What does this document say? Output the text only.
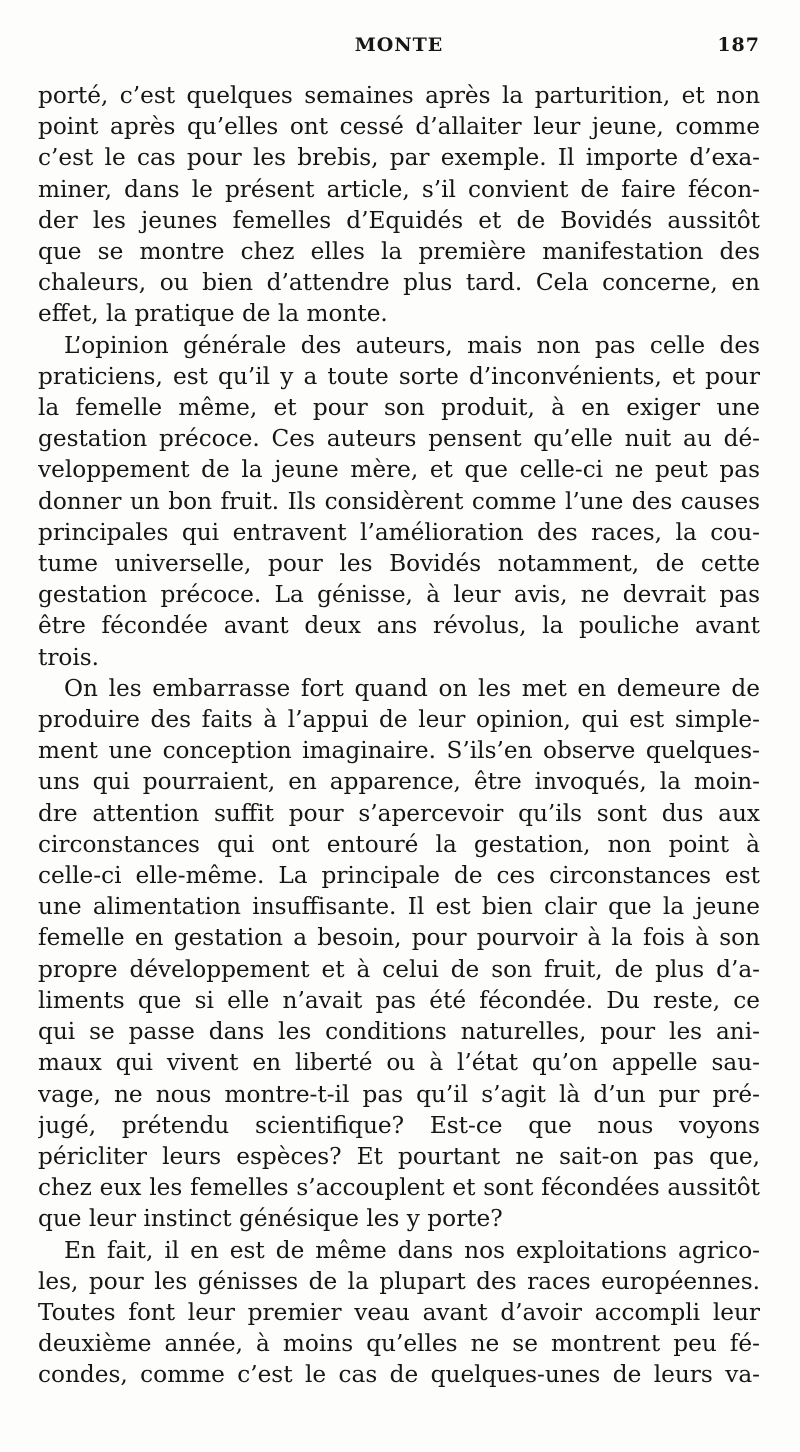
MONTE	187
porté, c’est quelques semaines après la parturition, et non
point après qu’elles ont cessé d’allaiter leur jeune, comme
c’est le cas pour les brebis, par exemple. Il importe d’exa-
miner, dans le présent article, s’il convient de faire fécon-
der les jeunes femelles d’Equidés et de Bovidés aussitôt
que se montre chez elles la première manifestation des
chaleurs, ou bien d’attendre plus tard. Cela concerne, en
effet, la pratique de la monte.
L’opinion générale des auteurs, mais non pas celle des
praticiens, est qu’il y a toute sorte d’inconvénients, et pour
la femelle même, et pour son produit, à en exiger une
gestation précoce. Ces auteurs pensent qu’elle nuit au dé-
veloppement de la jeune mère, et que celle-ci ne peut pas
donner un bon fruit. Ils considèrent comme l’une des causes
principales qui entravent l’amélioration des races, la cou-
tume universelle, pour les Bovidés notamment, de cette
gestation précoce. La génisse, à leur avis, ne devrait pas
être fécondée avant deux ans révolus, la pouliche avant
trois.
On les embarrasse fort quand on les met en demeure de
produire des faits à l’appui de leur opinion, qui est simple-
ment une conception imaginaire. S’ils’en observe quelques-
uns qui pourraient, en apparence, être invoqués, la moin-
dre attention suffit pour s’apercevoir qu’ils sont dus aux
circonstances qui ont entouré la gestation, non point à
celle-ci elle-même. La principale de ces circonstances est
une alimentation insuffisante. Il est bien clair que la jeune
femelle en gestation a besoin, pour pourvoir à la fois à son
propre développement et à celui de son fruit, de plus d’a-
liments que si elle n’avait pas été fécondée. Du reste, ce
qui se passe dans les conditions naturelles, pour les ani-
maux qui vivent en liberté ou à l’état qu’on appelle sau-
vage, ne nous montre-t-il pas qu’il s’agit là d’un pur pré-
jugé, prétendu scientifique? Est-ce que nous voyons
péricliter leurs espèces? Et pourtant ne sait-on pas que,
chez eux les femelles s’accouplent et sont fécondées aussitôt
que leur instinct génésique les y porte?
En fait, il en est de même dans nos exploitations agrico-
les, pour les génisses de la plupart des races européennes.
Toutes font leur premier veau avant d’avoir accompli leur
deuxième année, à moins qu’elles ne se montrent peu fé-
condes, comme c’est le cas de quelques-unes de leurs va-
